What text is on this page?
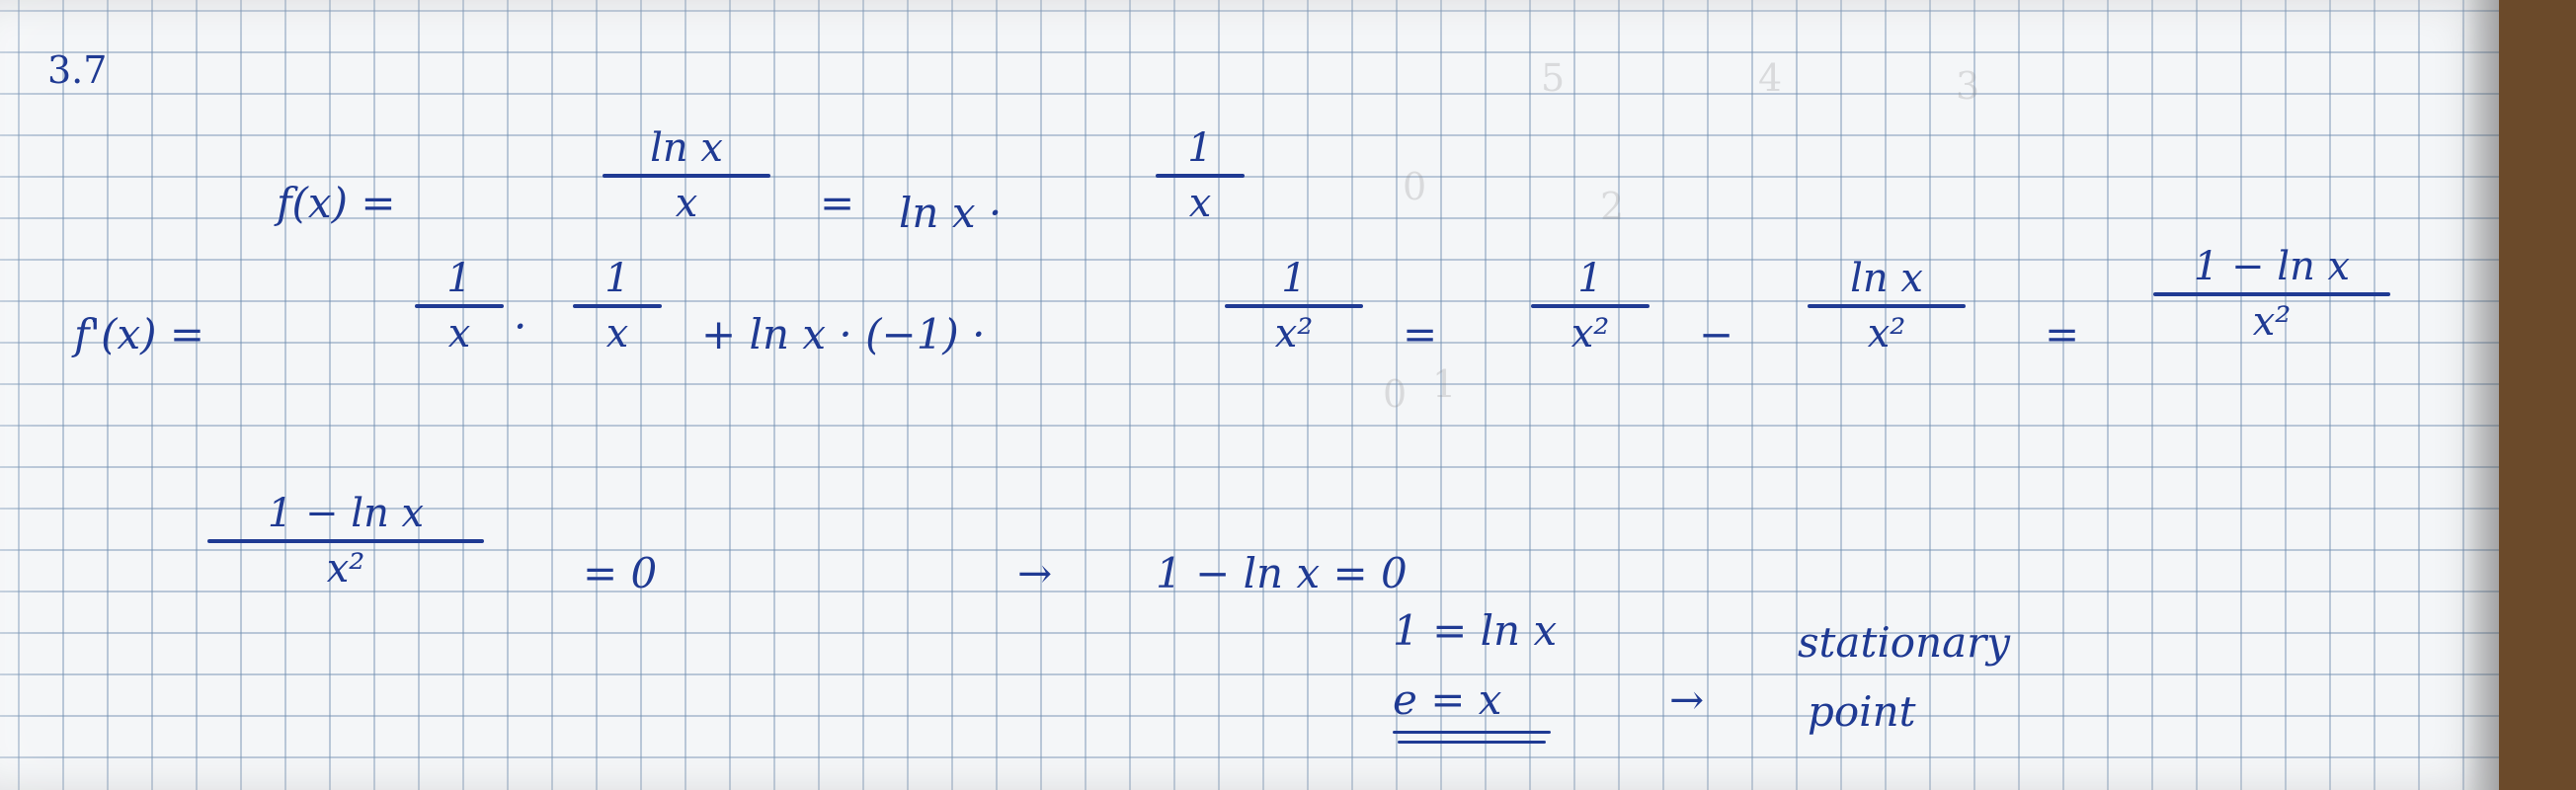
3.7	5	4	3
2
1
0
0
f(x) =
ln x
x	= ln x ·
1
x
f'(x) =
1
x ·
1
x + ln x · (−1) ·
1
x² =
1
x² −
ln x
x²	=
1 − ln x
x²
1 − ln x
x²	= 0	→ 1 − ln x = 0
1 = ln x	stationary
e = x	→ point
